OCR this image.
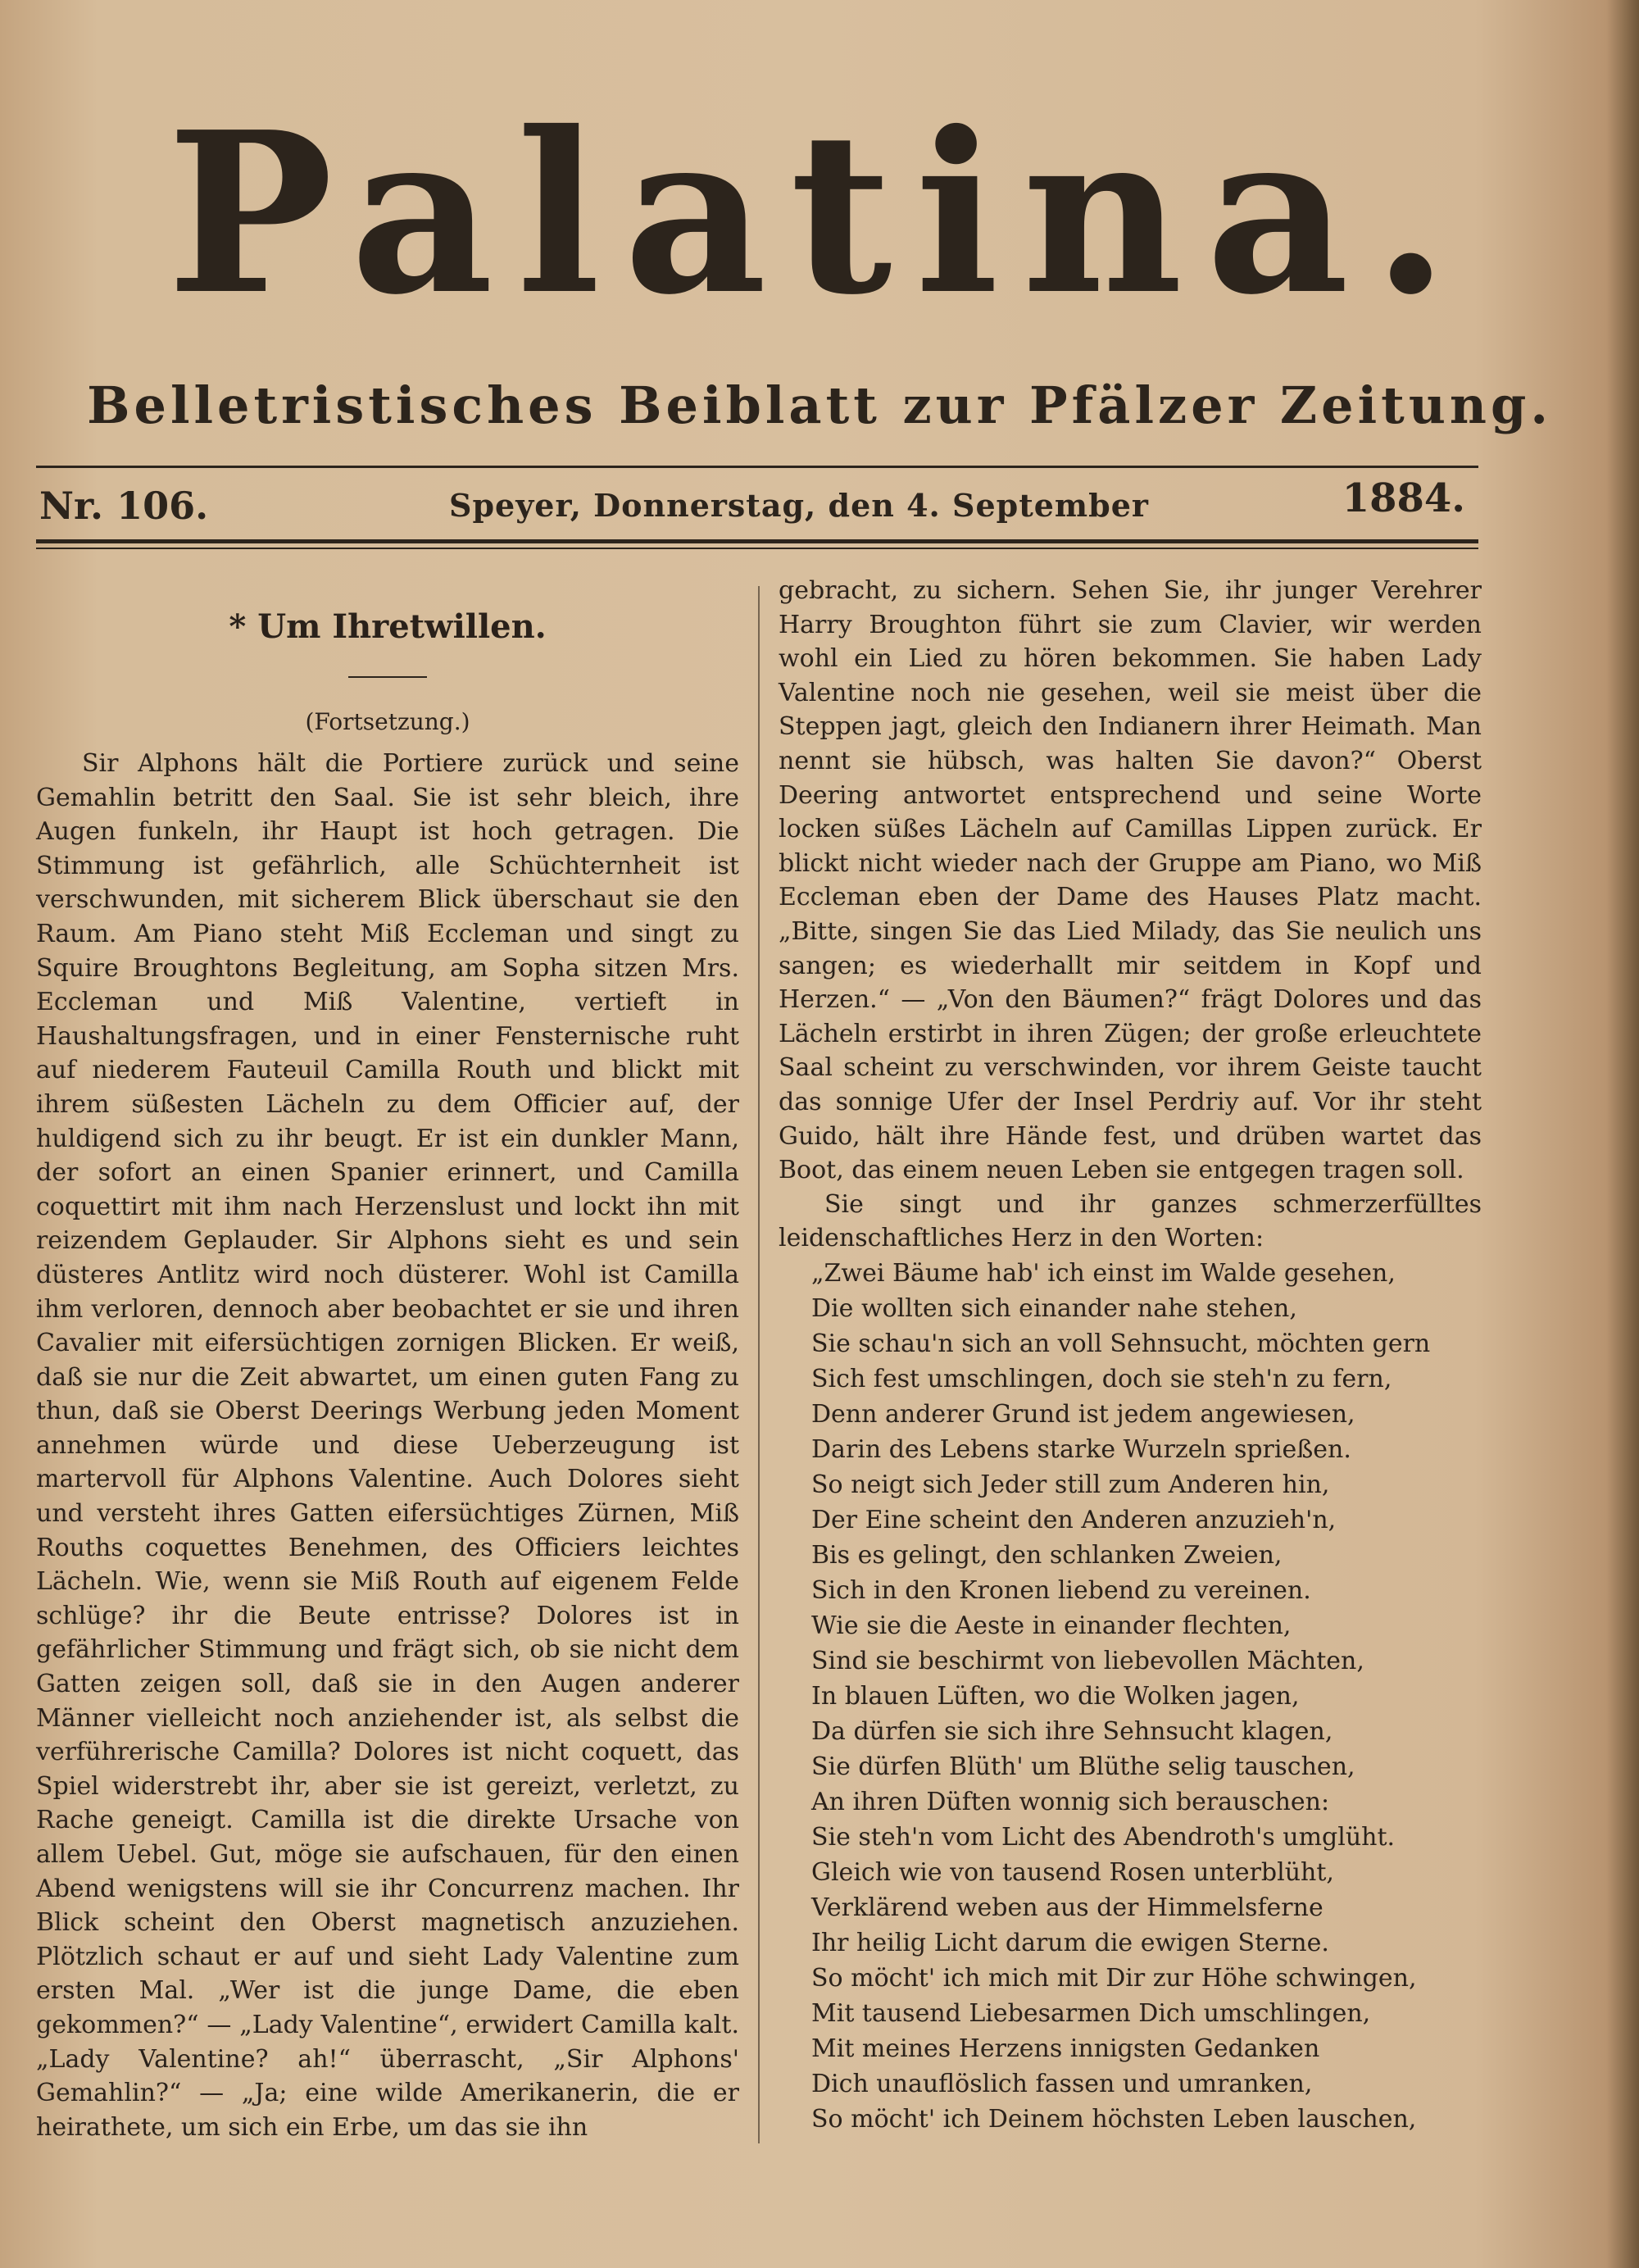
Palatina.
Belletristisches Beiblatt zur Pfälzer Zeitung.
Nr. 106.	Speyer, Donnerstag, den 4. September	1884.
* Um Ihretwillen.
(Fortsetzung.)

Sir Alphons hält die Portiere zurück und seine Gemahlin betritt den Saal. Sie ist sehr bleich, ihre Augen funkeln, ihr Haupt ist hoch getragen. Die Stimmung ist gefährlich, alle Schüchternheit ist verschwunden, mit sicherem Blick überschaut sie den Raum. Am Piano steht Miß Eccleman und singt zu Squire Broughtons Begleitung, am Sopha sitzen Mrs. Eccleman und Miß Valentine, vertieft in Haushaltungsfragen, und in einer Fensternische ruht auf niederem Fauteuil Camilla Routh und blickt mit ihrem süßesten Lächeln zu dem Officier auf, der huldigend sich zu ihr beugt. Er ist ein dunkler Mann, der sofort an einen Spanier erinnert, und Camilla coquettirt mit ihm nach Herzenslust und lockt ihn mit reizendem Geplauder. Sir Alphons sieht es und sein düsteres Antlitz wird noch düsterer. Wohl ist Camilla ihm verloren, dennoch aber beobachtet er sie und ihren Cavalier mit eifersüchtigen zornigen Blicken. Er weiß, daß sie nur die Zeit abwartet, um einen guten Fang zu thun, daß sie Oberst Deerings Werbung jeden Moment annehmen würde und diese Ueberzeugung ist martervoll für Alphons Valentine. Auch Dolores sieht und versteht ihres Gatten eifersüchtiges Zürnen, Miß Rouths coquettes Benehmen, des Officiers leichtes Lächeln. Wie, wenn sie Miß Routh auf eigenem Felde schlüge? ihr die Beute entrisse? Dolores ist in gefährlicher Stimmung und frägt sich, ob sie nicht dem Gatten zeigen soll, daß sie in den Augen anderer Männer vielleicht noch anziehender ist, als selbst die verführerische Camilla? Dolores ist nicht coquett, das Spiel widerstrebt ihr, aber sie ist gereizt, verletzt, zu Rache geneigt. Camilla ist die direkte Ursache von allem Uebel. Gut, möge sie aufschauen, für den einen Abend wenigstens will sie ihr Concurrenz machen. Ihr Blick scheint den Oberst magnetisch anzuziehen. Plötzlich schaut er auf und sieht Lady Valentine zum ersten Mal. „Wer ist die junge Dame, die eben gekommen?“ — „Lady Valentine“, erwidert Camilla kalt. „Lady Valentine? ah!“ überrascht, „Sir Alphons' Gemahlin?“ — „Ja; eine wilde Amerikanerin, die er heirathete, um sich ein Erbe, um das sie ihn

gebracht, zu sichern. Sehen Sie, ihr junger Verehrer Harry Broughton führt sie zum Clavier, wir werden wohl ein Lied zu hören bekommen. Sie haben Lady Valentine noch nie gesehen, weil sie meist über die Steppen jagt, gleich den Indianern ihrer Heimath. Man nennt sie hübsch, was halten Sie davon?“ Oberst Deering antwortet entsprechend und seine Worte locken süßes Lächeln auf Camillas Lippen zurück. Er blickt nicht wieder nach der Gruppe am Piano, wo Miß Eccleman eben der Dame des Hauses Platz macht. „Bitte, singen Sie das Lied Milady, das Sie neulich uns sangen; es wiederhallt mir seitdem in Kopf und Herzen.“ — „Von den Bäumen?“ frägt Dolores und das Lächeln erstirbt in ihren Zügen; der große erleuchtete Saal scheint zu verschwinden, vor ihrem Geiste taucht das sonnige Ufer der Insel Perdriy auf. Vor ihr steht Guido, hält ihre Hände fest, und drüben wartet das Boot, das einem neuen Leben sie entgegen tragen soll.

Sie singt und ihr ganzes schmerzerfülltes leidenschaftliches Herz in den Worten:

„Zwei Bäume hab' ich einst im Walde gesehen,
Die wollten sich einander nahe stehen,
Sie schau'n sich an voll Sehnsucht, möchten gern
Sich fest umschlingen, doch sie steh'n zu fern,
Denn anderer Grund ist jedem angewiesen,
Darin des Lebens starke Wurzeln sprießen.
So neigt sich Jeder still zum Anderen hin,
Der Eine scheint den Anderen anzuzieh'n,
Bis es gelingt, den schlanken Zweien,
Sich in den Kronen liebend zu vereinen.
Wie sie die Aeste in einander flechten,
Sind sie beschirmt von liebevollen Mächten,
In blauen Lüften, wo die Wolken jagen,
Da dürfen sie sich ihre Sehnsucht klagen,
Sie dürfen Blüth' um Blüthe selig tauschen,
An ihren Düften wonnig sich berauschen:
Sie steh'n vom Licht des Abendroth's umglüht.
Gleich wie von tausend Rosen unterblüht,
Verklärend weben aus der Himmelsferne
Ihr heilig Licht darum die ewigen Sterne.
So möcht' ich mich mit Dir zur Höhe schwingen,
Mit tausend Liebesarmen Dich umschlingen,
Mit meines Herzens innigsten Gedanken
Dich unauflöslich fassen und umranken,
So möcht' ich Deinem höchsten Leben lauschen,
